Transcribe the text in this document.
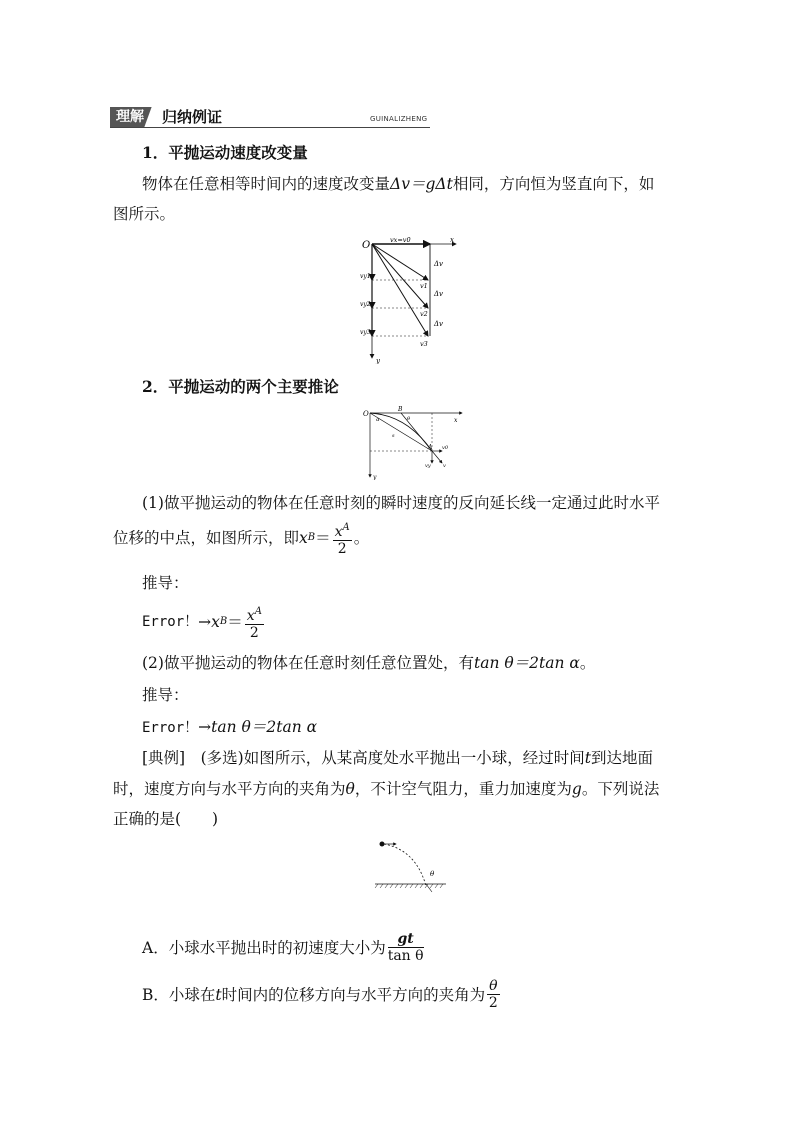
理解	归纳例证	GUINALIZHENG
1．平抛运动速度改变量
物体在任意相等时间内的速度改变量Δv＝gΔt相同，方向恒为竖直向下，如
图所示。
O	vx=v0	x
y
Δv
Δv
Δv
v1
v2
v3
vy1
vy2
vy3
2．平抛运动的两个主要推论
O
B
A
α	θ
s
v0
vy v
x
y
(1)做平抛运动的物体在任意时刻的瞬时速度的反向延长线一定通过此时水平
位移的中点，如图所示，即 x $B = \frac{x^A}{2}$ 。
推导：
Error！ → x $B = \frac{x^A}{2}$
(2)做平抛运动的物体在任意时刻任意位置处，有tan θ＝2tan α。
推导：
Error！→tan θ＝2tan α
[典例]　 (多选)如图所示，从某高度处水平抛出一小球，经过时间t到达地面
时，速度方向与水平方向的夹角为θ，不计空气阻力，重力加速度为g。下列说法
正确的是(　　)
θ
A．小球水平抛出时的初速度大小为 $\frac{gt}{\text{tan θ}}$
B．小球在 t 时间内的位移方向与水平方向的夹角为 $\frac{\theta}{2}$
